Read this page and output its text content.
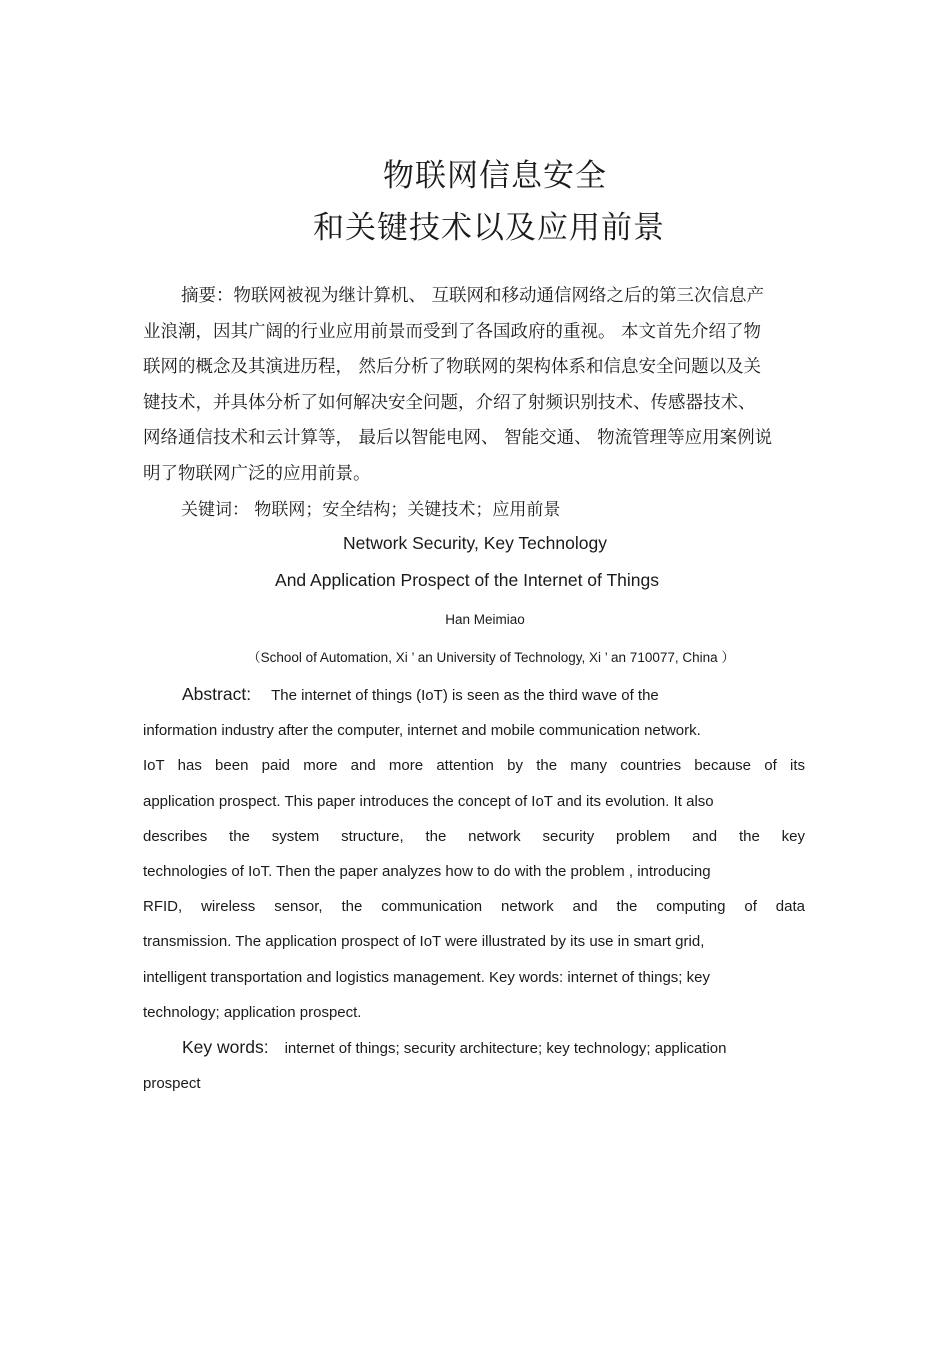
物联网信息安全
和关键技术以及应用前景
摘要：物联网被视为继计算机、 互联网和移动通信网络之后的第三次信息产
业浪潮，因其广阔的行业应用前景而受到了各国政府的重视。 本文首先介绍了物
联网的概念及其演进历程， 然后分析了物联网的架构体系和信息安全问题以及关
键技术，并具体分析了如何解决安全问题，介绍了射频识别技术、传感器技术、
网络通信技术和云计算等， 最后以智能电网、 智能交通、 物流管理等应用案例说
明了物联网广泛的应用前景。
关键词： 物联网；安全结构；关键技术；应用前景
Network Security, Key Technology
And Application Prospect of the Internet of Things
Han Meimiao
（School of Automation, Xi ’ an University of Technology, Xi ’ an 710077, China ）
Abstract: The internet of things (IoT) is seen as the third wave of the
information industry after the computer, internet and mobile communication network.
IoT has been paid more and more attention by the many countries because of its
application prospect. This paper introduces the concept of IoT and its evolution. It also
describes the system structure, the network security problem and the key
technologies of IoT. Then the paper analyzes how to do with the problem , introducing
RFID, wireless sensor, the communication network and the computing of data
transmission. The application prospect of IoT were illustrated by its use in smart grid,
intelligent transportation and logistics management. Key words: internet of things; key
technology; application prospect.
Key words: internet of things; security architecture; key technology; application
prospect
